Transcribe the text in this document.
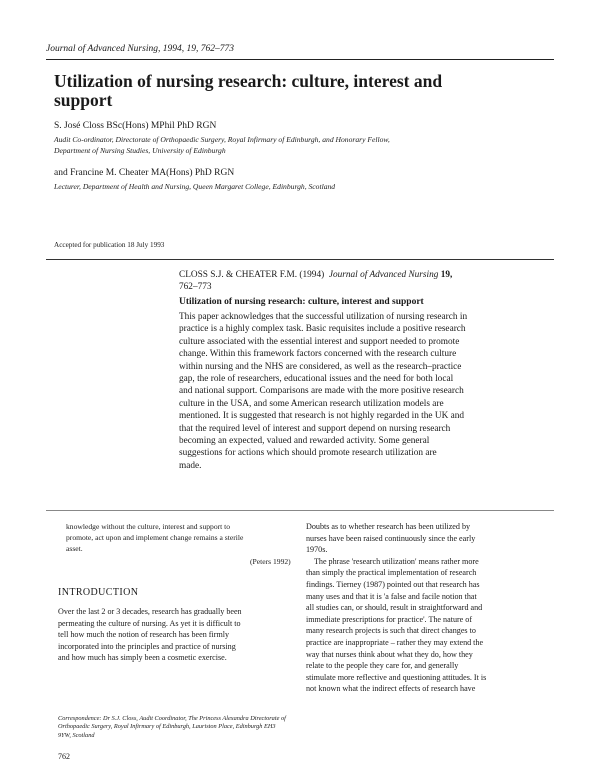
Journal of Advanced Nursing, 1994, 19, 762–773
Utilization of nursing research: culture, interest and support
S. José Closs BSc(Hons) MPhil PhD RGN
Audit Co-ordinator, Directorate of Orthopaedic Surgery, Royal Infirmary of Edinburgh, and Honorary Fellow, Department of Nursing Studies, University of Edinburgh
and Francine M. Cheater MA(Hons) PhD RGN
Lecturer, Department of Health and Nursing, Queen Margaret College, Edinburgh, Scotland
Accepted for publication 18 July 1993
CLOSS S.J. & CHEATER F.M. (1994) Journal of Advanced Nursing 19,
762–773
Utilization of nursing research: culture, interest and support
This paper acknowledges that the successful utilization of nursing research in
practice is a highly complex task. Basic requisites include a positive research
culture associated with the essential interest and support needed to promote
change. Within this framework factors concerned with the research culture
within nursing and the NHS are considered, as well as the research–practice
gap, the role of researchers, educational issues and the need for both local
and national support. Comparisons are made with the more positive research
culture in the USA, and some American research utilization models are
mentioned. It is suggested that research is not highly regarded in the UK and
that the required level of interest and support depend on nursing research
becoming an expected, valued and rewarded activity. Some general
suggestions for actions which should promote research utilization are
made.
knowledge without the culture, interest and support to
promote, act upon and implement change remains a sterile
asset.
(Peters 1992)
INTRODUCTION
Over the last 2 or 3 decades, research has gradually been
permeating the culture of nursing. As yet it is difficult to
tell how much the notion of research has been firmly
incorporated into the principles and practice of nursing
and how much has simply been a cosmetic exercise.
Correspondence: Dr S.J. Closs, Audit Coordinator, The Princess Alexandra Directorate of
Orthopaedic Surgery, Royal Infirmary of Edinburgh, Lauriston Place, Edinburgh EH3
9YW, Scotland
Doubts as to whether research has been utilized by
nurses have been raised continuously since the early
1970s.
The phrase 'research utilization' means rather more
than simply the practical implementation of research
findings. Tierney (1987) pointed out that research has
many uses and that it is 'a false and facile notion that
all studies can, or should, result in straightforward and
immediate prescriptions for practice'. The nature of
many research projects is such that direct changes to
practice are inappropriate – rather they may extend the
way that nurses think about what they do, how they
relate to the people they care for, and generally
stimulate more reflective and questioning attitudes. It is
not known what the indirect effects of research have
762
